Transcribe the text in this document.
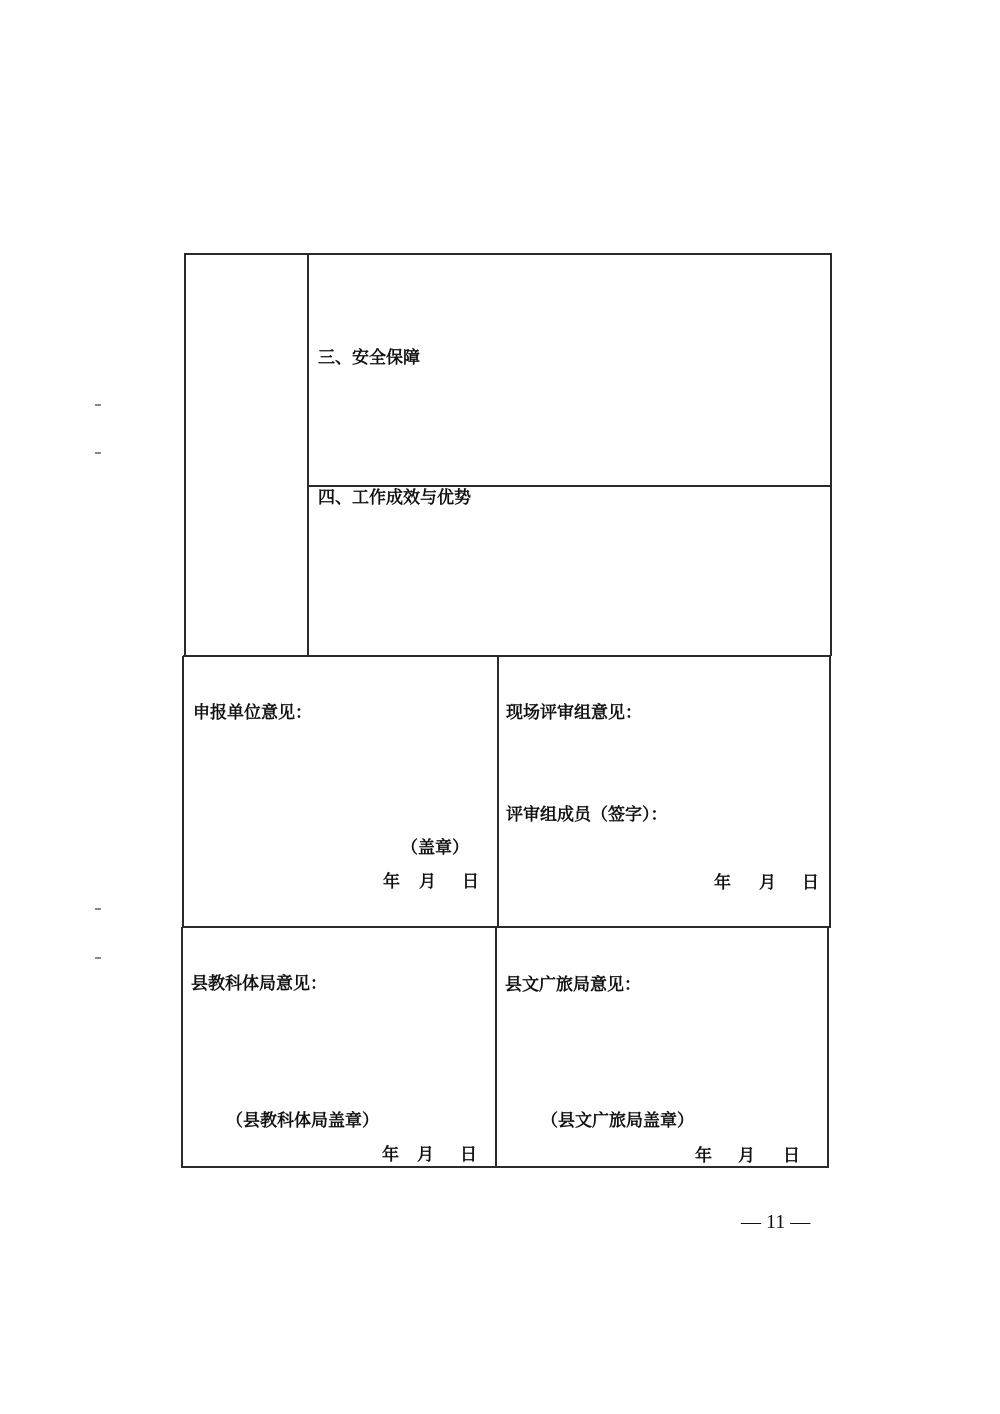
三、安全保障
四、工作成效与优势
申报单位意见：
（盖章）
年 月 日
现场评审组意见：
评审组成员（签字）：
年 月 日
县教科体局意见：
（县教科体局盖章）
年 月 日
县文广旅局意见：
（县文广旅局盖章）
年 月 日
— 11 —
